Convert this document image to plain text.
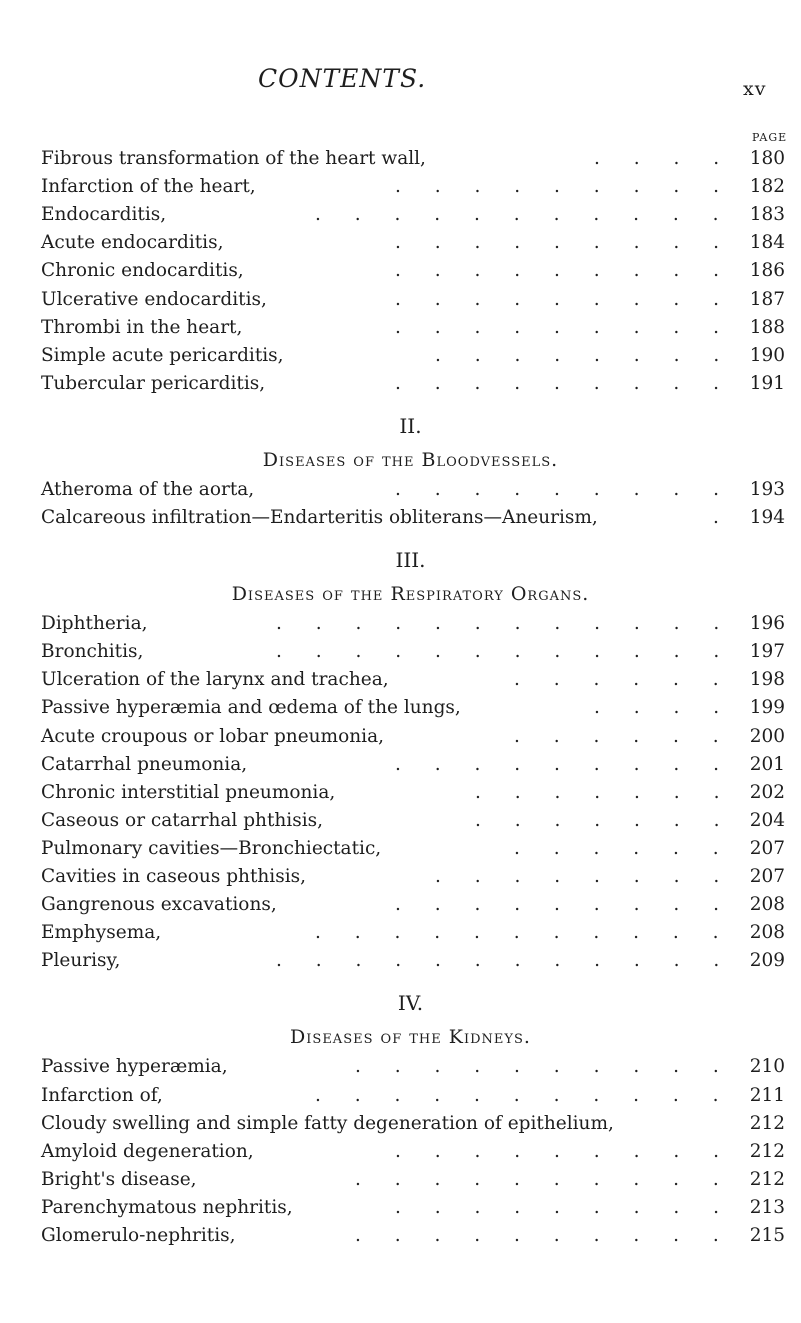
CONTENTS.	xv
PAGE
Fibrous transformation of the heart wall,	. . . . 180
Infarction of the heart,	. . . . . . . . . 182
Endocarditis,	. . . . . . . . . . . 183
Acute endocarditis,	. . . . . . . . . 184
Chronic endocarditis,	. . . . . . . . . 186
Ulcerative endocarditis,	. . . . . . . . . 187
Thrombi in the heart,	. . . . . . . . . 188
Simple acute pericarditis,	. . . . . . . . 190
Tubercular pericarditis,	. . . . . . . . . 191
II.
Diseases of the Bloodvessels.
Atheroma of the aorta,	. . . . . . . . . 193
Calcareous infiltration—Endarteritis obliterans—Aneurism,	. 194
III.
Diseases of the Respiratory Organs.
Diphtheria,	. . . . . . . . . . . . 196
Bronchitis,	. . . . . . . . . . . . 197
Ulceration of the larynx and trachea,	. . . . . . 198
Passive hyperæmia and œdema of the lungs,	. . . . 199
Acute croupous or lobar pneumonia,	. . . . . . 200
Catarrhal pneumonia,	. . . . . . . . . 201
Chronic interstitial pneumonia,	. . . . . . . 202
Caseous or catarrhal phthisis,	. . . . . . . 204
Pulmonary cavities—Bronchiectatic,	. . . . . . 207
Cavities in caseous phthisis,	. . . . . . . . 207
Gangrenous excavations,	. . . . . . . . . 208
Emphysema,	. . . . . . . . . . . 208
Pleurisy,	. . . . . . . . . . . . 209
IV.
Diseases of the Kidneys.
Passive hyperæmia,	. . . . . . . . . . 210
Infarction of,	. . . . . . . . . . . 211
Cloudy swelling and simple fatty degeneration of epithelium,	212
Amyloid degeneration,	. . . . . . . . . 212
Bright's disease,	. . . . . . . . . . 212
Parenchymatous nephritis,	. . . . . . . . . 213
Glomerulo-nephritis,	. . . . . . . . . . 215
